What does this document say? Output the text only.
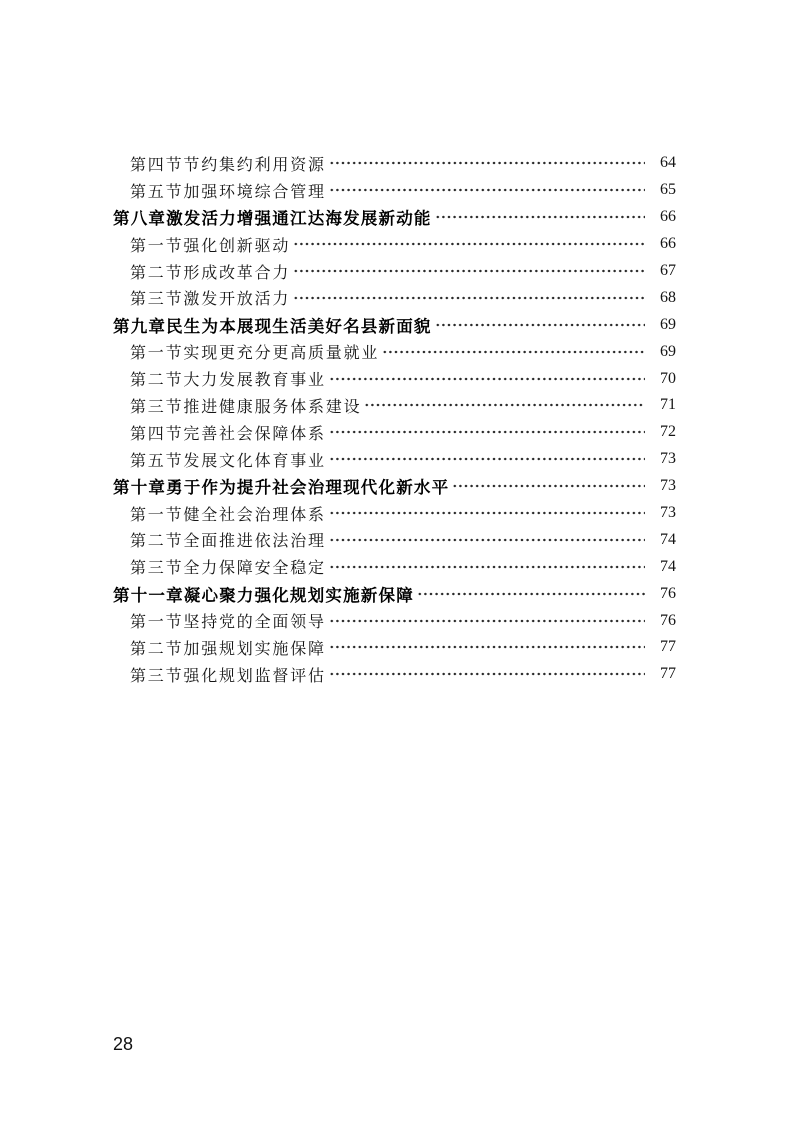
第四节节约集约利用资源	64
第五节加强环境综合管理	65
第八章激发活力增强通江达海发展新动能	66
第一节强化创新驱动	66
第二节形成改革合力	67
第三节激发开放活力	68
第九章民生为本展现生活美好名县新面貌	69
第一节实现更充分更高质量就业	69
第二节大力发展教育事业	70
第三节推进健康服务体系建设	71
第四节完善社会保障体系	72
第五节发展文化体育事业	73
第十章勇于作为提升社会治理现代化新水平	73
第一节健全社会治理体系	73
第二节全面推进依法治理	74
第三节全力保障安全稳定	74
第十一章凝心聚力强化规划实施新保障	76
第一节坚持党的全面领导	76
第二节加强规划实施保障	77
第三节强化规划监督评估	77
28
